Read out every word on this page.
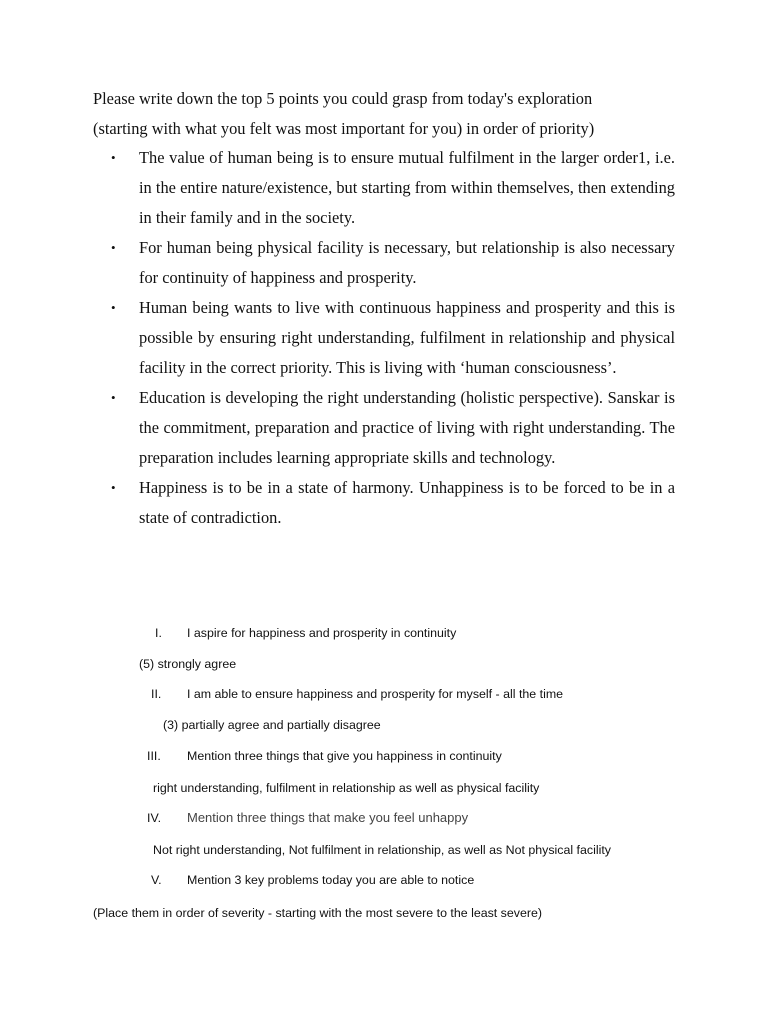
Please write down the top 5 points you could grasp from today's exploration
(starting with what you felt was most important for you) in order of priority)

• The value of human being is to ensure mutual fulfilment in the larger order1, i.e. in the entire nature/existence, but starting from within themselves, then extending in their family and in the society.
• For human being physical facility is necessary, but relationship is also necessary for continuity of happiness and prosperity.
• Human being wants to live with continuous happiness and prosperity and this is possible by ensuring right understanding, fulfilment in relationship and physical facility in the correct priority. This is living with ‘human consciousness’.
• Education is developing the right understanding (holistic perspective). Sanskar is the commitment, preparation and practice of living with right understanding. The preparation includes learning appropriate skills and technology.
• Happiness is to be in a state of harmony. Unhappiness is to be forced to be in a state of contradiction.

I. I aspire for happiness and prosperity in continuity

(5) strongly agree

II. I am able to ensure happiness and prosperity for myself - all the time

(3) partially agree and partially disagree

III. Mention three things that give you happiness in continuity

right understanding, fulfilment in relationship as well as physical facility

IV. Mention three things that make you feel unhappy

Not right understanding, Not fulfilment in relationship, as well as Not physical facility

V. Mention 3 key problems today you are able to notice

(Place them in order of severity - starting with the most severe to the least severe)
